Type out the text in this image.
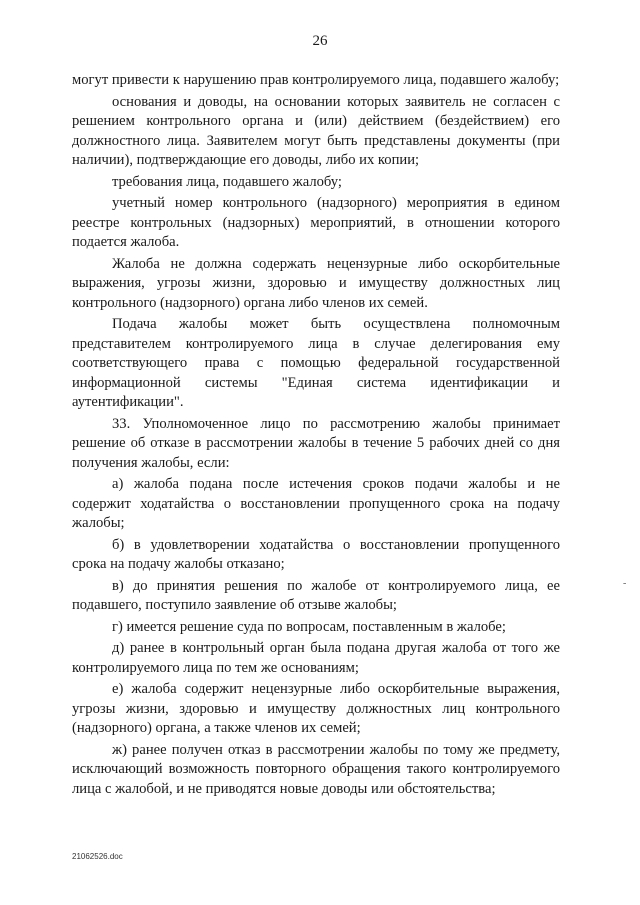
26

могут привести к нарушению прав контролируемого лица, подавшего жалобу;

основания и доводы, на основании которых заявитель не согласен с решением контрольного органа и (или) действием (бездействием) его должностного лица. Заявителем могут быть представлены документы (при наличии), подтверждающие его доводы, либо их копии;

требования лица, подавшего жалобу;

учетный номер контрольного (надзорного) мероприятия в едином реестре контрольных (надзорных) мероприятий, в отношении которого подается жалоба.

Жалоба не должна содержать нецензурные либо оскорбительные выражения, угрозы жизни, здоровью и имуществу должностных лиц контрольного (надзорного) органа либо членов их семей.

Подача жалобы может быть осуществлена полномочным представителем контролируемого лица в случае делегирования ему соответствующего права с помощью федеральной государственной информационной системы "Единая система идентификации и аутентификации".

33. Уполномоченное лицо по рассмотрению жалобы принимает решение об отказе в рассмотрении жалобы в течение 5 рабочих дней со дня получения жалобы, если:

а) жалоба подана после истечения сроков подачи жалобы и не содержит ходатайства о восстановлении пропущенного срока на подачу жалобы;

б) в удовлетворении ходатайства о восстановлении пропущенного срока на подачу жалобы отказано;

в) до принятия решения по жалобе от контролируемого лица, ее подавшего, поступило заявление об отзыве жалобы;

г) имеется решение суда по вопросам, поставленным в жалобе;

д) ранее в контрольный орган была подана другая жалоба от того же контролируемого лица по тем же основаниям;

е) жалоба содержит нецензурные либо оскорбительные выражения, угрозы жизни, здоровью и имуществу должностных лиц контрольного (надзорного) органа, а также членов их семей;

ж) ранее получен отказ в рассмотрении жалобы по тому же предмету, исключающий возможность повторного обращения такого контролируемого лица с жалобой, и не приводятся новые доводы или обстоятельства;

-
21062526.doc
